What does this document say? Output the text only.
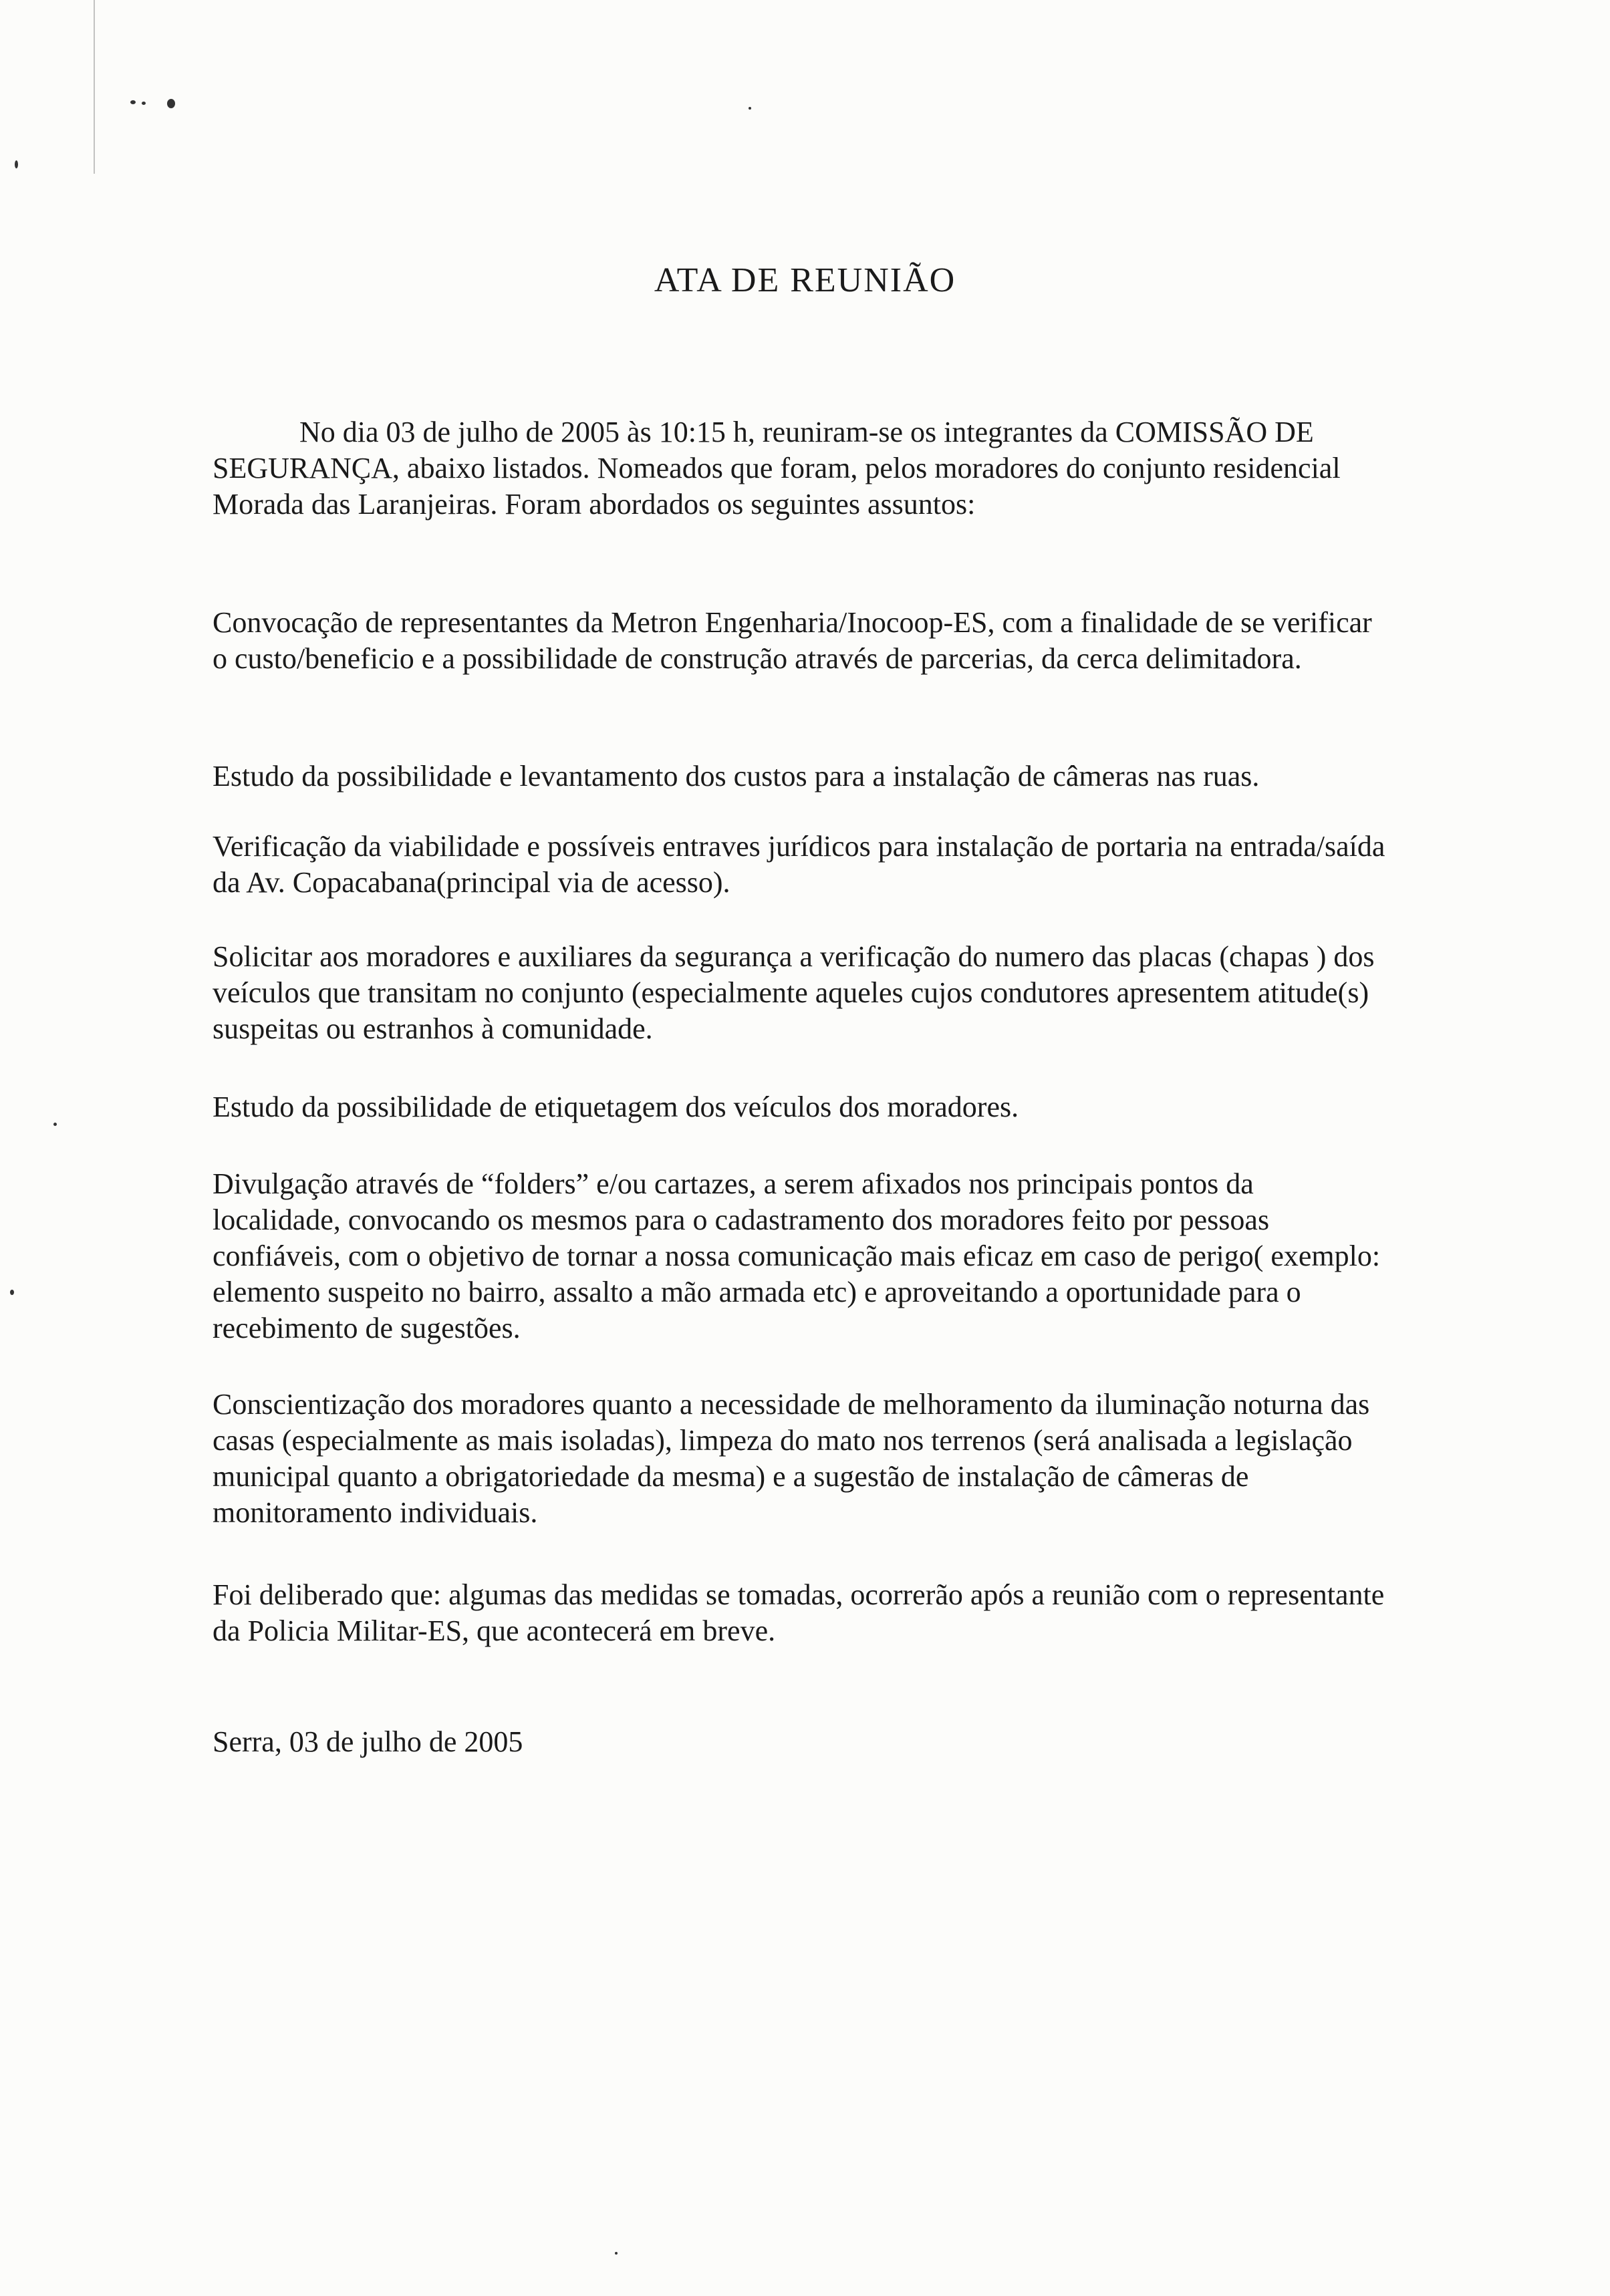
ATA DE REUNIÃO

No dia 03 de julho de 2005 às 10:15 h, reuniram-se os integrantes da COMISSÃO DE SEGURANÇA, abaixo listados. Nomeados que foram, pelos moradores do conjunto residencial Morada das Laranjeiras. Foram abordados os seguintes assuntos:

Convocação de representantes da Metron Engenharia/Inocoop-ES, com a finalidade de se verificar o custo/beneficio e a possibilidade de construção através de parcerias, da cerca delimitadora.

Estudo da possibilidade e levantamento dos custos para a instalação de câmeras nas ruas.

Verificação da viabilidade e possíveis entraves jurídicos para instalação de portaria na entrada/saída da Av. Copacabana(principal via de acesso).

Solicitar aos moradores e auxiliares da segurança a verificação do numero das placas (chapas ) dos veículos que transitam no conjunto (especialmente aqueles cujos condutores apresentem atitude(s) suspeitas ou estranhos à comunidade.

Estudo da possibilidade de etiquetagem dos veículos dos moradores.

Divulgação através de “folders” e/ou cartazes, a serem afixados nos principais pontos da localidade, convocando os mesmos para o cadastramento dos moradores feito por pessoas confiáveis, com o objetivo de tornar a nossa comunicação mais eficaz em caso de perigo( exemplo: elemento suspeito no bairro, assalto a mão armada etc) e aproveitando a oportunidade para o recebimento de sugestões.

Conscientização dos moradores quanto a necessidade de melhoramento da iluminação noturna das casas (especialmente as mais isoladas), limpeza do mato nos terrenos (será analisada a legislação municipal quanto a obrigatoriedade da mesma) e a sugestão de instalação de câmeras de monitoramento individuais.

Foi deliberado que: algumas das medidas se tomadas, ocorrerão após a reunião com o representante da Policia Militar-ES, que acontecerá em breve.

Serra, 03 de julho de 2005
